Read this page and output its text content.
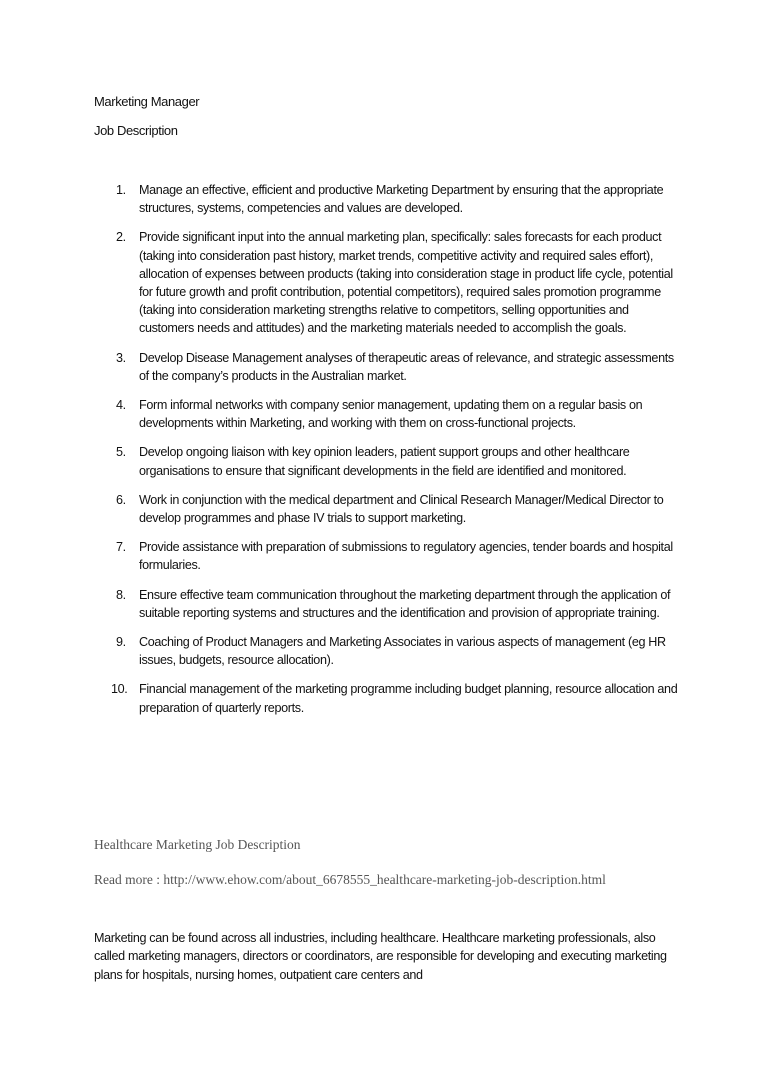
Marketing Manager
Job Description
1.	Manage an effective, efficient and productive Marketing Department by ensuring that the appropriate structures, systems, competencies and values are developed.
2.	Provide significant input into the annual marketing plan, specifically: sales forecasts for each product (taking into consideration past history, market trends, competitive activity and required sales effort), allocation of expenses between products (taking into consideration stage in product life cycle, potential for future growth and profit contribution, potential competitors), required sales promotion programme (taking into consideration marketing strengths relative to competitors, selling opportunities and customers needs and attitudes) and the marketing materials needed to accomplish the goals.
3.	Develop Disease Management analyses of therapeutic areas of relevance, and strategic assessments of the company’s products in the Australian market.
4.	Form informal networks with company senior management, updating them on a regular basis on developments within Marketing, and working with them on cross-functional projects.
5.	Develop ongoing liaison with key opinion leaders, patient support groups and other healthcare organisations to ensure that significant developments in the field are identified and monitored.
6.	Work in conjunction with the medical department and Clinical Research Manager/Medical Director to develop programmes and phase IV trials to support marketing.
7.	Provide assistance with preparation of submissions to regulatory agencies, tender boards and hospital formularies.
8.	Ensure effective team communication throughout the marketing department through the application of suitable reporting systems and structures and the identification and provision of appropriate training.
9.	Coaching of Product Managers and Marketing Associates in various aspects of management (eg HR issues, budgets, resource allocation).
10. Financial management of the marketing programme including budget planning, resource allocation and preparation of quarterly reports.
Healthcare Marketing Job Description
Read more : http://www.ehow.com/about_6678555_healthcare-marketing-job-description.html
Marketing can be found across all industries, including healthcare. Healthcare marketing professionals, also called marketing managers, directors or coordinators, are responsible for developing and executing marketing plans for hospitals, nursing homes, outpatient care centers and
